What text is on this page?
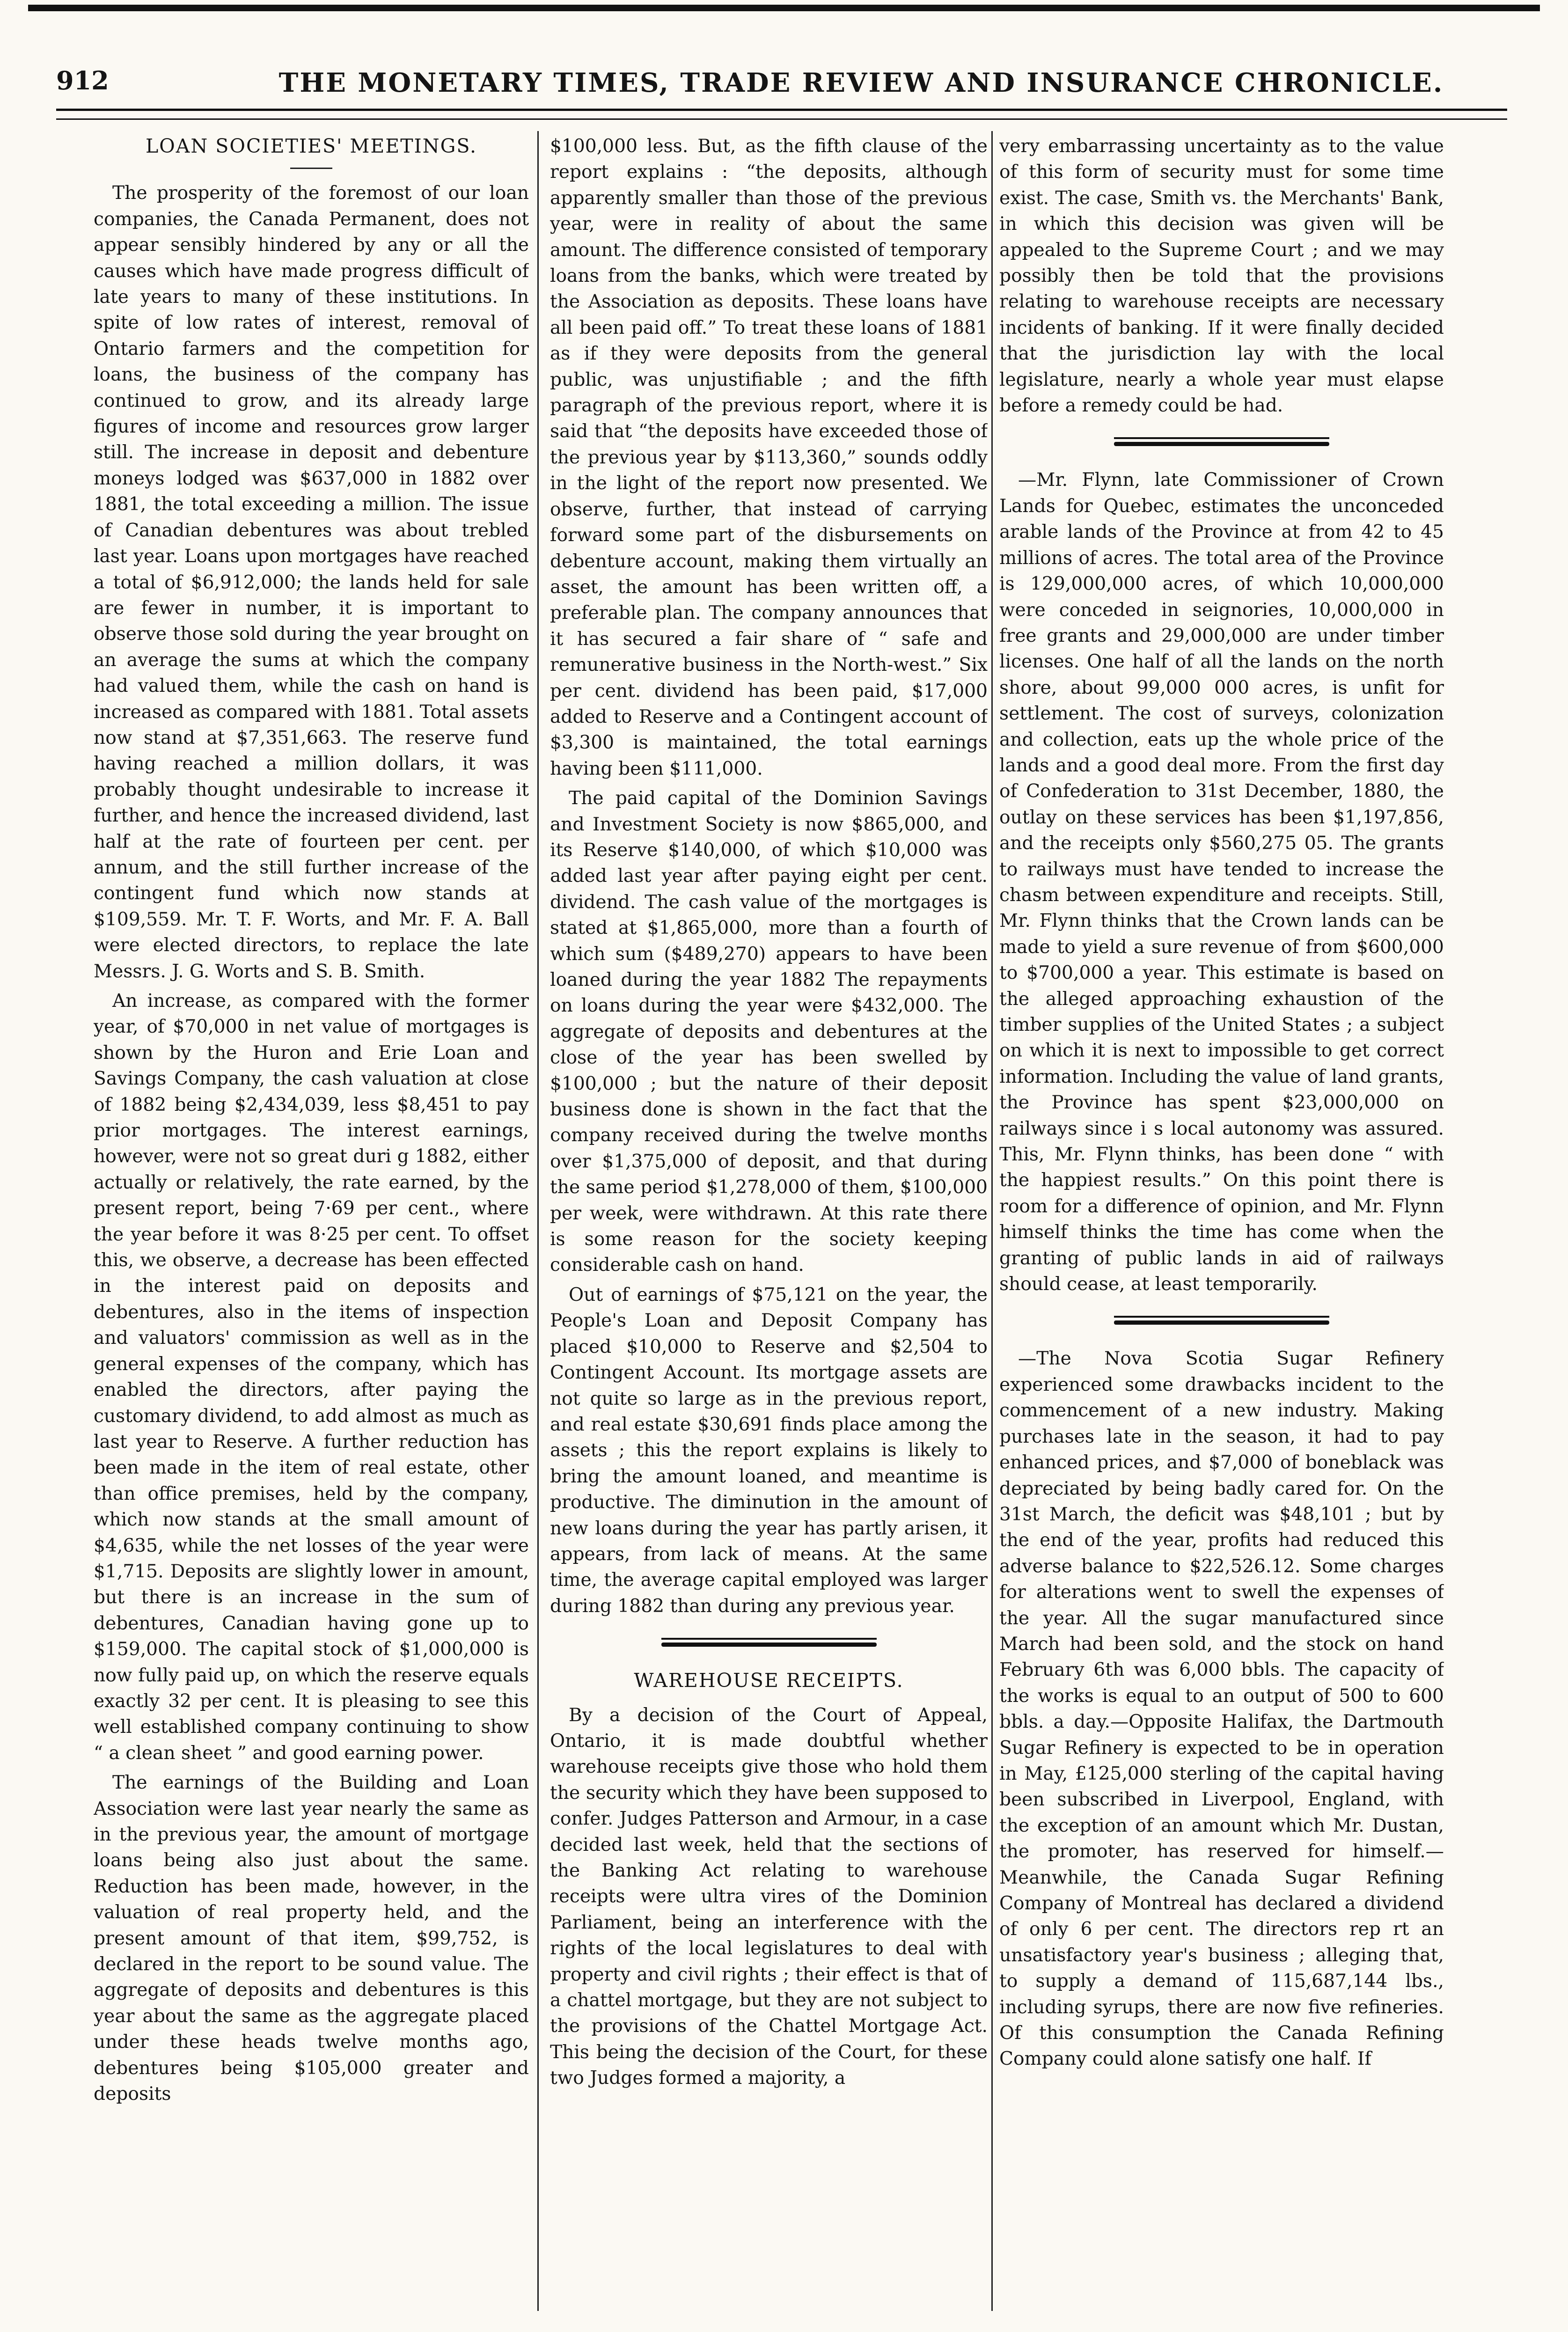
912	THE MONETARY TIMES, TRADE REVIEW AND INSURANCE CHRONICLE.
LOAN SOCIETIES' MEETINGS.

The prosperity of the foremost of our loan companies, the Canada Permanent, does not appear sensibly hindered by any or all the causes which have made progress difficult of late years to many of these institutions. In spite of low rates of interest, removal of Ontario farmers and the competition for loans, the business of the company has continued to grow, and its already large figures of income and resources grow larger still. The increase in deposit and debenture moneys lodged was $637,000 in 1882 over 1881, the total exceeding a million. The issue of Canadian debentures was about trebled last year. Loans upon mortgages have reached a total of $6,912,000; the lands held for sale are fewer in number, it is important to observe those sold during the year brought on an average the sums at which the company had valued them, while the cash on hand is increased as compared with 1881. Total assets now stand at $7,351,663. The reserve fund having reached a million dollars, it was probably thought undesirable to increase it further, and hence the increased dividend, last half at the rate of fourteen per cent. per annum, and the still further increase of the contingent fund which now stands at $109,559. Mr. T. F. Worts, and Mr. F. A. Ball were elected directors, to replace the late Messrs. J. G. Worts and S. B. Smith.

An increase, as compared with the former year, of $70,000 in net value of mortgages is shown by the Huron and Erie Loan and Savings Company, the cash valuation at close of 1882 being $2,434,039, less $8,451 to pay prior mortgages. The interest earnings, however, were not so great duri g 1882, either actually or relatively, the rate earned, by the present report, being 7·69 per cent., where the year before it was 8·25 per cent. To offset this, we observe, a decrease has been effected in the interest paid on deposits and debentures, also in the items of inspection and valuators' commission as well as in the general expenses of the company, which has enabled the directors, after paying the customary dividend, to add almost as much as last year to Reserve. A further reduction has been made in the item of real estate, other than office premises, held by the company, which now stands at the small amount of $4,635, while the net losses of the year were $1,715. Deposits are slightly lower in amount, but there is an increase in the sum of debentures, Canadian having gone up to $159,000. The capital stock of $1,000,000 is now fully paid up, on which the reserve equals exactly 32 per cent. It is pleasing to see this well established company continuing to show “ a clean sheet ” and good earning power.

The earnings of the Building and Loan Association were last year nearly the same as in the previous year, the amount of mortgage loans being also just about the same. Reduction has been made, however, in the valuation of real property held, and the present amount of that item, $99,752, is declared in the report to be sound value. The aggregate of deposits and debentures is this year about the same as the aggregate placed under these heads twelve months ago, debentures being $105,000 greater and deposits

$100,000 less. But, as the fifth clause of the report explains : “the deposits, although apparently smaller than those of the previous year, were in reality of about the same amount. The difference consisted of temporary loans from the banks, which were treated by the Association as deposits. These loans have all been paid off.” To treat these loans of 1881 as if they were deposits from the general public, was unjustifiable ; and the fifth paragraph of the previous report, where it is said that “the deposits have exceeded those of the previous year by $113,360,” sounds oddly in the light of the report now presented. We observe, further, that instead of carrying forward some part of the disbursements on debenture account, making them virtually an asset, the amount has been written off, a preferable plan. The company announces that it has secured a fair share of “ safe and remunerative business in the North-west.” Six per cent. dividend has been paid, $17,000 added to Reserve and a Contingent account of $3,300 is maintained, the total earnings having been $111,000.

The paid capital of the Dominion Savings and Investment Society is now $865,000, and its Reserve $140,000, of which $10,000 was added last year after paying eight per cent. dividend. The cash value of the mortgages is stated at $1,865,000, more than a fourth of which sum ($489,270) appears to have been loaned during the year 1882 The repayments on loans during the year were $432,000. The aggregate of deposits and debentures at the close of the year has been swelled by $100,000 ; but the nature of their deposit business done is shown in the fact that the company received during the twelve months over $1,375,000 of deposit, and that during the same period $1,278,000 of them, $100,000 per week, were withdrawn. At this rate there is some reason for the society keeping considerable cash on hand.

Out of earnings of $75,121 on the year, the People's Loan and Deposit Company has placed $10,000 to Reserve and $2,504 to Contingent Account. Its mortgage assets are not quite so large as in the previous report, and real estate $30,691 finds place among the assets ; this the report explains is likely to bring the amount loaned, and meantime is productive. The diminution in the amount of new loans during the year has partly arisen, it appears, from lack of means. At the same time, the average capital employed was larger during 1882 than during any previous year.

WAREHOUSE RECEIPTS.

By a decision of the Court of Appeal, Ontario, it is made doubtful whether warehouse receipts give those who hold them the security which they have been supposed to confer. Judges Patterson and Armour, in a case decided last week, held that the sections of the Banking Act relating to warehouse receipts were ultra vires of the Dominion Parliament, being an interference with the rights of the local legislatures to deal with property and civil rights ; their effect is that of a chattel mortgage, but they are not subject to the provisions of the Chattel Mortgage Act. This being the decision of the Court, for these two Judges formed a majority, a

very embarrassing uncertainty as to the value of this form of security must for some time exist. The case, Smith vs. the Merchants' Bank, in which this decision was given will be appealed to the Supreme Court ; and we may possibly then be told that the provisions relating to warehouse receipts are necessary incidents of banking. If it were finally decided that the jurisdiction lay with the local legislature, nearly a whole year must elapse before a remedy could be had.

—Mr. Flynn, late Commissioner of Crown Lands for Quebec, estimates the unconceded arable lands of the Province at from 42 to 45 millions of acres. The total area of the Province is 129,000,000 acres, of which 10,000,000 were conceded in seignories, 10,000,000 in free grants and 29,000,000 are under timber licenses. One half of all the lands on the north shore, about 99,000 000 acres, is unfit for settlement. The cost of surveys, colonization and collection, eats up the whole price of the lands and a good deal more. From the first day of Confederation to 31st December, 1880, the outlay on these services has been $1,197,856, and the receipts only $560,275 05. The grants to railways must have tended to increase the chasm between expenditure and receipts. Still, Mr. Flynn thinks that the Crown lands can be made to yield a sure revenue of from $600,000 to $700,000 a year. This estimate is based on the alleged approaching exhaustion of the timber supplies of the United States ; a subject on which it is next to impossible to get correct information. Including the value of land grants, the Province has spent $23,000,000 on railways since i s local autonomy was assured. This, Mr. Flynn thinks, has been done “ with the happiest results.” On this point there is room for a difference of opinion, and Mr. Flynn himself thinks the time has come when the granting of public lands in aid of railways should cease, at least temporarily.

—The Nova Scotia Sugar Refinery experienced some drawbacks incident to the commencement of a new industry. Making purchases late in the season, it had to pay enhanced prices, and $7,000 of boneblack was depreciated by being badly cared for. On the 31st March, the deficit was $48,101 ; but by the end of the year, profits had reduced this adverse balance to $22,526.12. Some charges for alterations went to swell the expenses of the year. All the sugar manufactured since March had been sold, and the stock on hand February 6th was 6,000 bbls. The capacity of the works is equal to an output of 500 to 600 bbls. a day.—Opposite Halifax, the Dartmouth Sugar Refinery is expected to be in operation in May, £125,000 sterling of the capital having been subscribed in Liverpool, England, with the exception of an amount which Mr. Dustan, the promoter, has reserved for himself.— Meanwhile, the Canada Sugar Refining Company of Montreal has declared a dividend of only 6 per cent. The directors rep rt an unsatisfactory year's business ; alleging that, to supply a demand of 115,687,144 lbs., including syrups, there are now five refineries. Of this consumption the Canada Refining Company could alone satisfy one half. If
